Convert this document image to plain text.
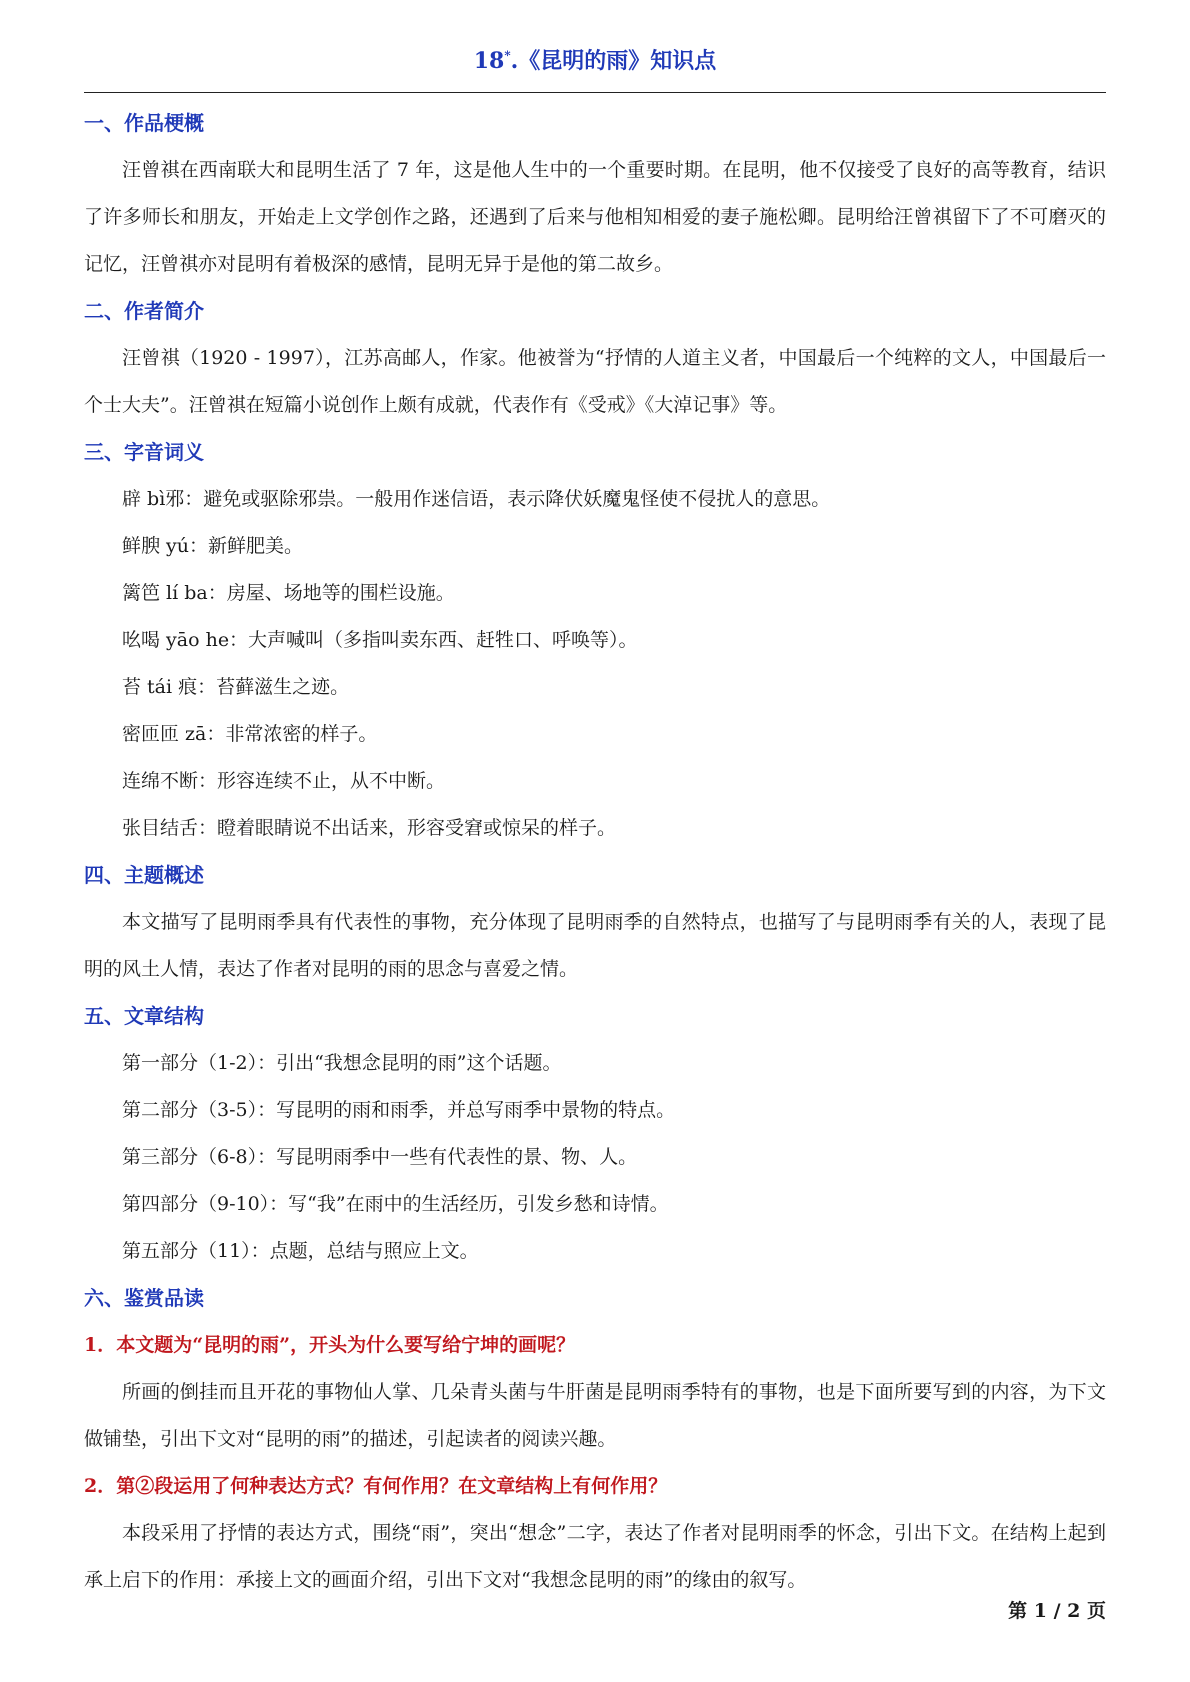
18*.《昆明的雨》知识点
一、作品梗概
汪曾祺在西南联大和昆明生活了 7 年，这是他人生中的一个重要时期。在昆明，他不仅接受了良好的高等教育，结识了许多师长和朋友，开始走上文学创作之路，还遇到了后来与他相知相爱的妻子施松卿。昆明给汪曾祺留下了不可磨灭的记忆，汪曾祺亦对昆明有着极深的感情，昆明无异于是他的第二故乡。
二、作者简介
汪曾祺（1920 - 1997），江苏高邮人，作家。他被誉为“抒情的人道主义者，中国最后一个纯粹的文人，中国最后一个士大夫”。汪曾祺在短篇小说创作上颇有成就，代表作有《受戒》《大淖记事》等。
三、字音词义
辟 bì邪：避免或驱除邪祟。一般用作迷信语，表示降伏妖魔鬼怪使不侵扰人的意思。
鲜腴 yú：新鲜肥美。
篱笆 lí ba：房屋、场地等的围栏设施。
吆喝 yāo he：大声喊叫（多指叫卖东西、赶牲口、呼唤等）。
苔 tái 痕：苔藓滋生之迹。
密匝匝 zā：非常浓密的样子。
连绵不断：形容连续不止，从不中断。
张目结舌：瞪着眼睛说不出话来，形容受窘或惊呆的样子。
四、主题概述
本文描写了昆明雨季具有代表性的事物，充分体现了昆明雨季的自然特点，也描写了与昆明雨季有关的人，表现了昆明的风土人情，表达了作者对昆明的雨的思念与喜爱之情。
五、文章结构
第一部分（1-2）：引出“我想念昆明的雨”这个话题。
第二部分（3-5）：写昆明的雨和雨季，并总写雨季中景物的特点。
第三部分（6-8）：写昆明雨季中一些有代表性的景、物、人。
第四部分（9-10）：写“我”在雨中的生活经历，引发乡愁和诗情。
第五部分（11）：点题，总结与照应上文。
六、鉴赏品读
1．本文题为“昆明的雨”，开头为什么要写给宁坤的画呢？
所画的倒挂而且开花的事物仙人掌、几朵青头菌与牛肝菌是昆明雨季特有的事物，也是下面所要写到的内容，为下文做铺垫，引出下文对“昆明的雨”的描述，引起读者的阅读兴趣。
2．第②段运用了何种表达方式？有何作用？在文章结构上有何作用？
本段采用了抒情的表达方式，围绕“雨”，突出“想念”二字，表达了作者对昆明雨季的怀念，引出下文。在结构上起到承上启下的作用：承接上文的画面介绍，引出下文对“我想念昆明的雨”的缘由的叙写。
第 1 / 2 页
